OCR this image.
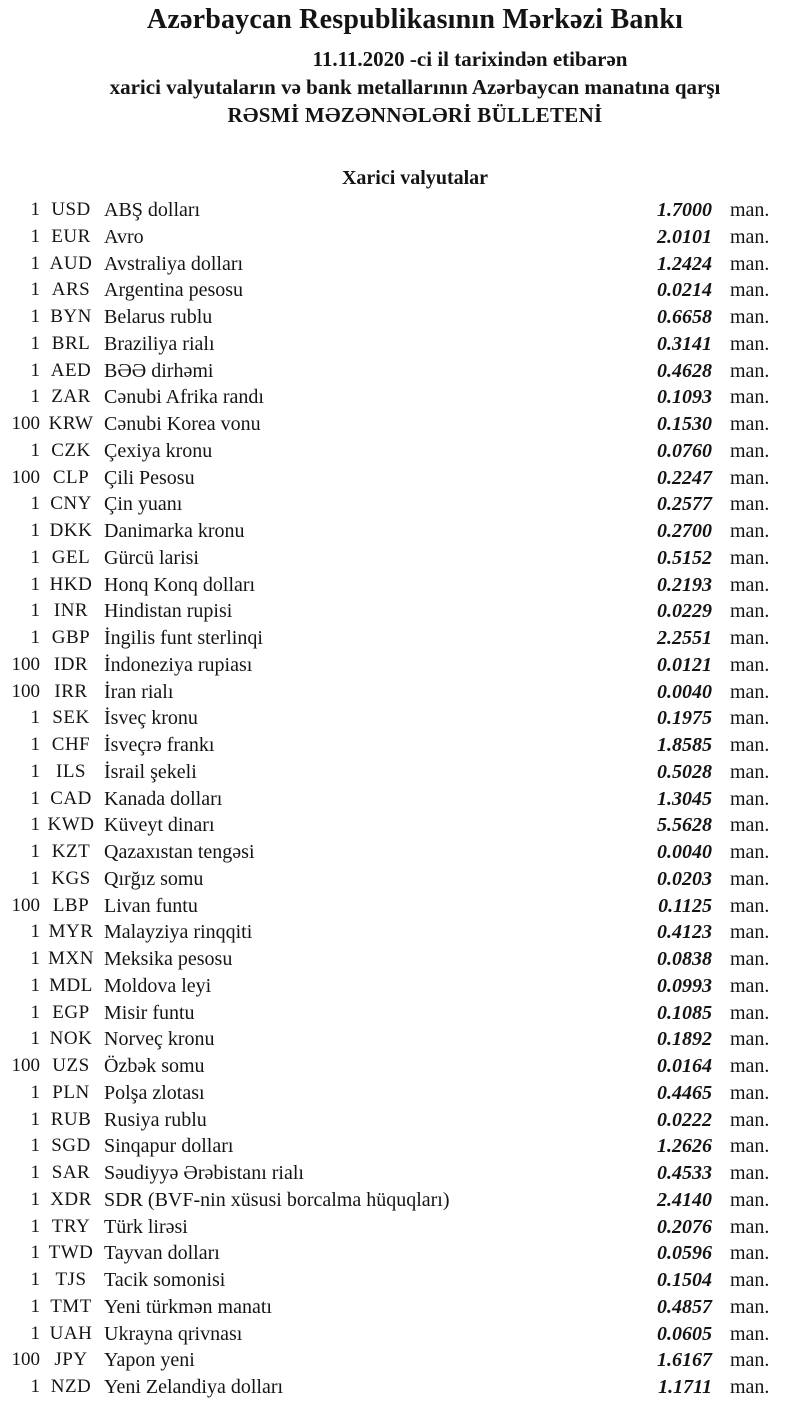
Azərbaycan Respublikasının Mərkəzi Bankı
11.11.2020 -ci il tarixindən etibarən
xarici valyutaların və bank metallarının Azərbaycan manatına qarşı
RƏSMİ MƏZƏNNƏLƏRİ BÜLLETENİ
Xarici valyutalar
1 USD ABŞ dolları	1.7000 man.
1 EUR Avro	2.0101 man.
1 AUD Avstraliya dolları	1.2424 man.
1 ARS Argentina pesosu	0.0214 man.
1 BYN Belarus rublu	0.6658 man.
1 BRL Braziliya rialı	0.3141 man.
1 AED BƏƏ dirhəmi	0.4628 man.
1 ZAR Cənubi Afrika randı	0.1093 man.
100 KRW Cənubi Korea vonu	0.1530 man.
1 CZK Çexiya kronu	0.0760 man.
100 CLP Çili Pesosu	0.2247 man.
1 CNY Çin yuanı	0.2577 man.
1 DKK Danimarka kronu	0.2700 man.
1 GEL Gürcü larisi	0.5152 man.
1 HKD Honq Konq dolları	0.2193 man.
1 INR Hindistan rupisi	0.0229 man.
1 GBP İngilis funt sterlinqi	2.2551 man.
100 IDR İndoneziya rupiası	0.0121 man.
100 IRR İran rialı	0.0040 man.
1 SEK İsveç kronu	0.1975 man.
1 CHF İsveçrə frankı	1.8585 man.
1 ILS İsrail şekeli	0.5028 man.
1 CAD Kanada dolları	1.3045 man.
1 KWD Küveyt dinarı	5.5628 man.
1 KZT Qazaxıstan tengəsi	0.0040 man.
1 KGS Qırğız somu	0.0203 man.
100 LBP Livan funtu	0.1125 man.
1 MYR Malayziya rinqqiti	0.4123 man.
1 MXN Meksika pesosu	0.0838 man.
1 MDL Moldova leyi	0.0993 man.
1 EGP Misir funtu	0.1085 man.
1 NOK Norveç kronu	0.1892 man.
100 UZS Özbək somu	0.0164 man.
1 PLN Polşa zlotası	0.4465 man.
1 RUB Rusiya rublu	0.0222 man.
1 SGD Sinqapur dolları	1.2626 man.
1 SAR Səudiyyə Ərəbistanı rialı	0.4533 man.
1 XDR SDR (BVF-nin xüsusi borcalma hüquqları)	2.4140 man.
1 TRY Türk lirəsi	0.2076 man.
1 TWD Tayvan dolları	0.0596 man.
1 TJS Tacik somonisi	0.1504 man.
1 TMT Yeni türkmən manatı	0.4857 man.
1 UAH Ukrayna qrivnası	0.0605 man.
100 JPY Yapon yeni	1.6167 man.
1 NZD Yeni Zelandiya dolları	1.1711 man.
